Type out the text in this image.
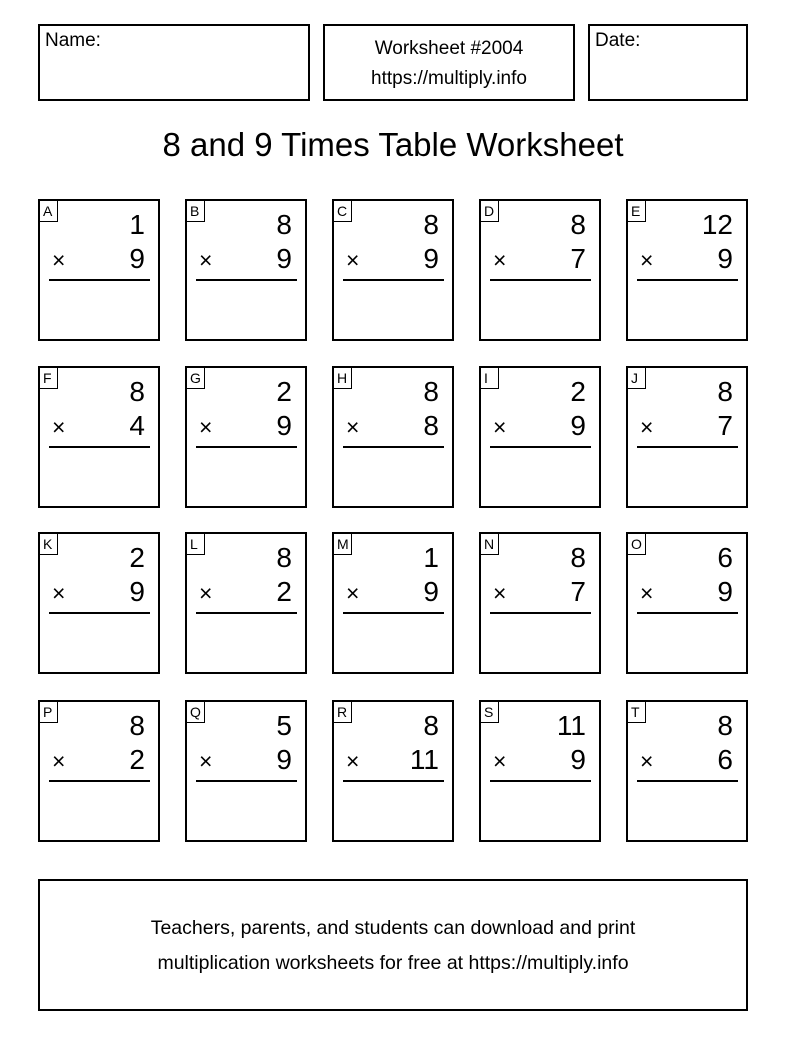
Name:	Worksheet #2004
https://multiply.info
Date:
8 and 9 Times Table Worksheet
A	1
× 9
B	8
× 9
C	8
× 9
D	8
× 7
E 12
× 9
F	8
× 4
G	2
× 9
H	8
× 8
I	2
× 9
J	8
× 7
K	2
× 9
L	8
× 2
M	1
× 9
N	8
× 7
O	6
× 9
P	8
× 2
Q	5
× 9
R	8
× 11
S 11
× 9
T	8
× 6
Teachers, parents, and students can download and print
multiplication worksheets for free at https://multiply.info
